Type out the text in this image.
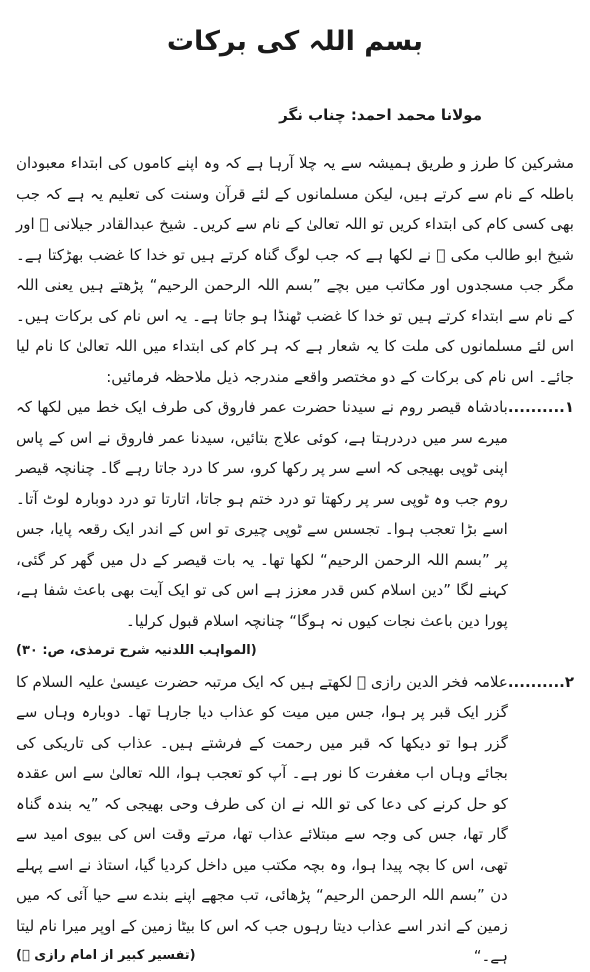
بسم اللہ کی برکات
مولانا محمد احمد: چناب نگر

مشرکین کا طرز و طریق ہمیشہ سے یہ چلا آرہا ہے کہ وہ اپنے کاموں کی ابتداء معبودان باطلہ کے نام سے کرتے ہیں، لیکن مسلمانوں کے لئے قرآن وسنت کی تعلیم یہ ہے کہ جب بھی کسی کام کی ابتداء کریں تو اللہ تعالیٰ کے نام سے کریں۔ شیخ عبدالقادر جیلانی ﷫ اور شیخ ابو طالب مکی ﷫ نے لکھا ہے کہ جب لوگ گناہ کرتے ہیں تو خدا کا غضب بھڑکتا ہے۔ مگر جب مسجدوں اور مکاتب میں بچے ”بسم اللہ الرحمن الرحیم“ پڑھتے ہیں یعنی اللہ کے نام سے ابتداء کرتے ہیں تو خدا کا غضب ٹھنڈا ہو جاتا ہے۔ یہ اس نام کی برکات ہیں۔ اس لئے مسلمانوں کی ملت کا یہ شعار ہے کہ ہر کام کی ابتداء میں اللہ تعالیٰ کا نام لیا جائے۔ اس نام کی برکات کے دو مختصر واقعے مندرجہ ذیل ملاحظہ فرمائیں:

۱..........
بادشاہ قیصر روم نے سیدنا حضرت عمر فاروق کی طرف ایک خط میں لکھا کہ میرے سر میں دردرہتا ہے، کوئی علاج بتائیں، سیدنا عمر فاروق نے اس کے پاس اپنی ٹوپی بھیجی کہ اسے سر پر رکھا کرو، سر کا درد جاتا رہے گا۔ چنانچہ قیصر روم جب وہ ٹوپی سر پر رکھتا تو درد ختم ہو جاتا، اتارتا تو درد دوبارہ لوٹ آتا۔ اسے بڑا تعجب ہوا۔ تجسس سے ٹوپی چیری تو اس کے اندر ایک رقعہ پایا، جس پر ”بسم اللہ الرحمن الرحیم“ لکھا تھا۔ یہ بات قیصر کے دل میں گھر کر گئی، کہنے لگا ”دین اسلام کس قدر معزز ہے اس کی تو ایک آیت بھی باعث شفا ہے، پورا دین باعث نجات کیوں نہ ہوگا“ چنانچہ اسلام قبول کرلیا۔
(المواہب اللدنیہ شرح ترمذی، ص: ۳۰)
۲..........
علامہ فخر الدین رازی ﷫ لکھتے ہیں کہ ایک مرتبہ حضرت عیسیٰ علیہ السلام کا گزر ایک قبر پر ہوا، جس میں میت کو عذاب دیا جارہا تھا۔ دوبارہ وہاں سے گزر ہوا تو دیکھا کہ قبر میں رحمت کے فرشتے ہیں۔ عذاب کی تاریکی کی بجائے وہاں اب مغفرت کا نور ہے۔ آپ کو تعجب ہوا، اللہ تعالیٰ سے اس عقدہ کو حل کرنے کی دعا کی تو اللہ نے ان کی طرف وحی بھیجی کہ ”یہ بندہ گناہ گار تھا، جس کی وجہ سے مبتلائے عذاب تھا، مرتے وقت اس کی بیوی امید سے تھی، اس کا بچہ پیدا ہوا، وہ بچہ مکتب میں داخل کردیا گیا، استاذ نے اسے پہلے دن ”بسم اللہ الرحمن الرحیم“ پڑھائی، تب مجھے اپنے بندے سے حیا آئی کہ میں زمین کے اندر اسے عذاب دیتا رہوں جب کہ اس کا بیٹا زمین کے اوپر میرا نام لیتا ہے۔“
(تفسیر کبیر از امام رازی ﷫)
